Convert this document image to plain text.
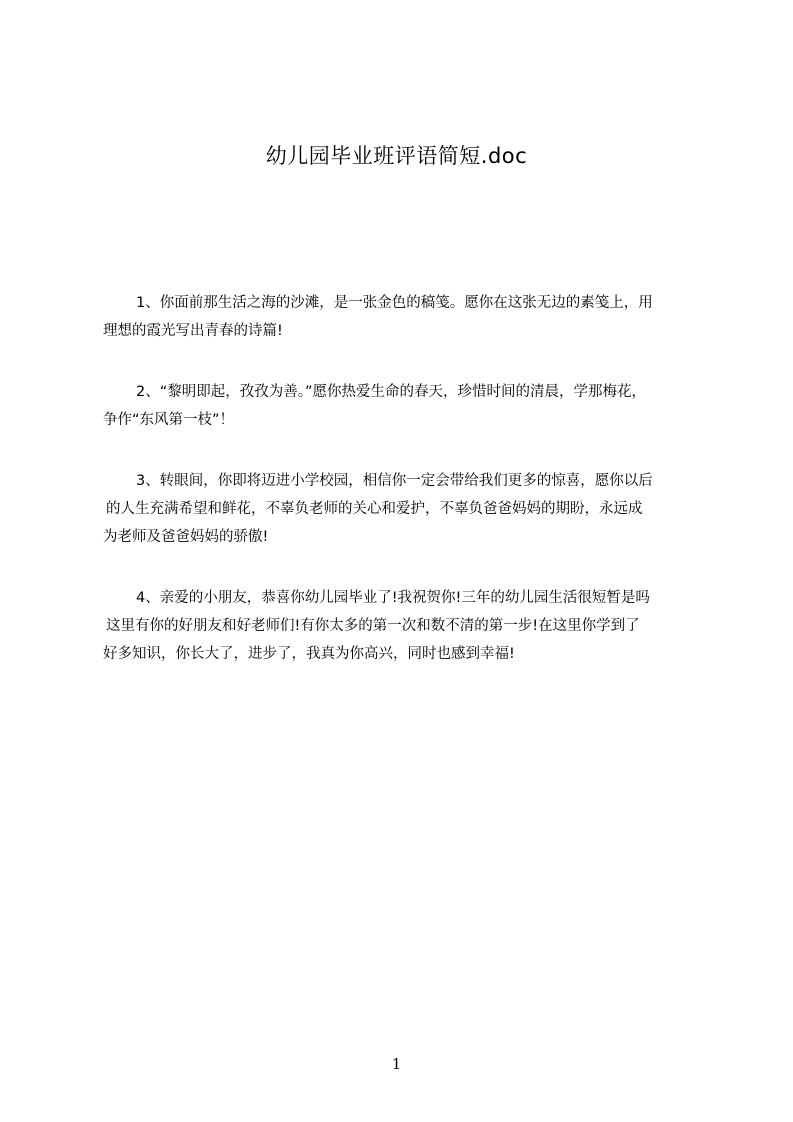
幼儿园毕业班评语简短.doc
1、你面前那生活之海的沙滩，是一张金色的稿笺。愿你在这张无边的素笺上，用
理想的霞光写出青春的诗篇!
2、“黎明即起，孜孜为善。”愿你热爱生命的春天，珍惜时间的清晨，学那梅花，
争作“东风第一枝”！
3、转眼间，你即将迈进小学校园，相信你一定会带给我们更多的惊喜，愿你以后
的人生充满希望和鲜花，不辜负老师的关心和爱护，不辜负爸爸妈妈的期盼，永远成
为老师及爸爸妈妈的骄傲!
4、亲爱的小朋友，恭喜你幼儿园毕业了!我祝贺你!三年的幼儿园生活很短暂是吗
这里有你的好朋友和好老师们!有你太多的第一次和数不清的第一步!在这里你学到了
好多知识，你长大了，进步了，我真为你高兴，同时也感到幸福!
1
